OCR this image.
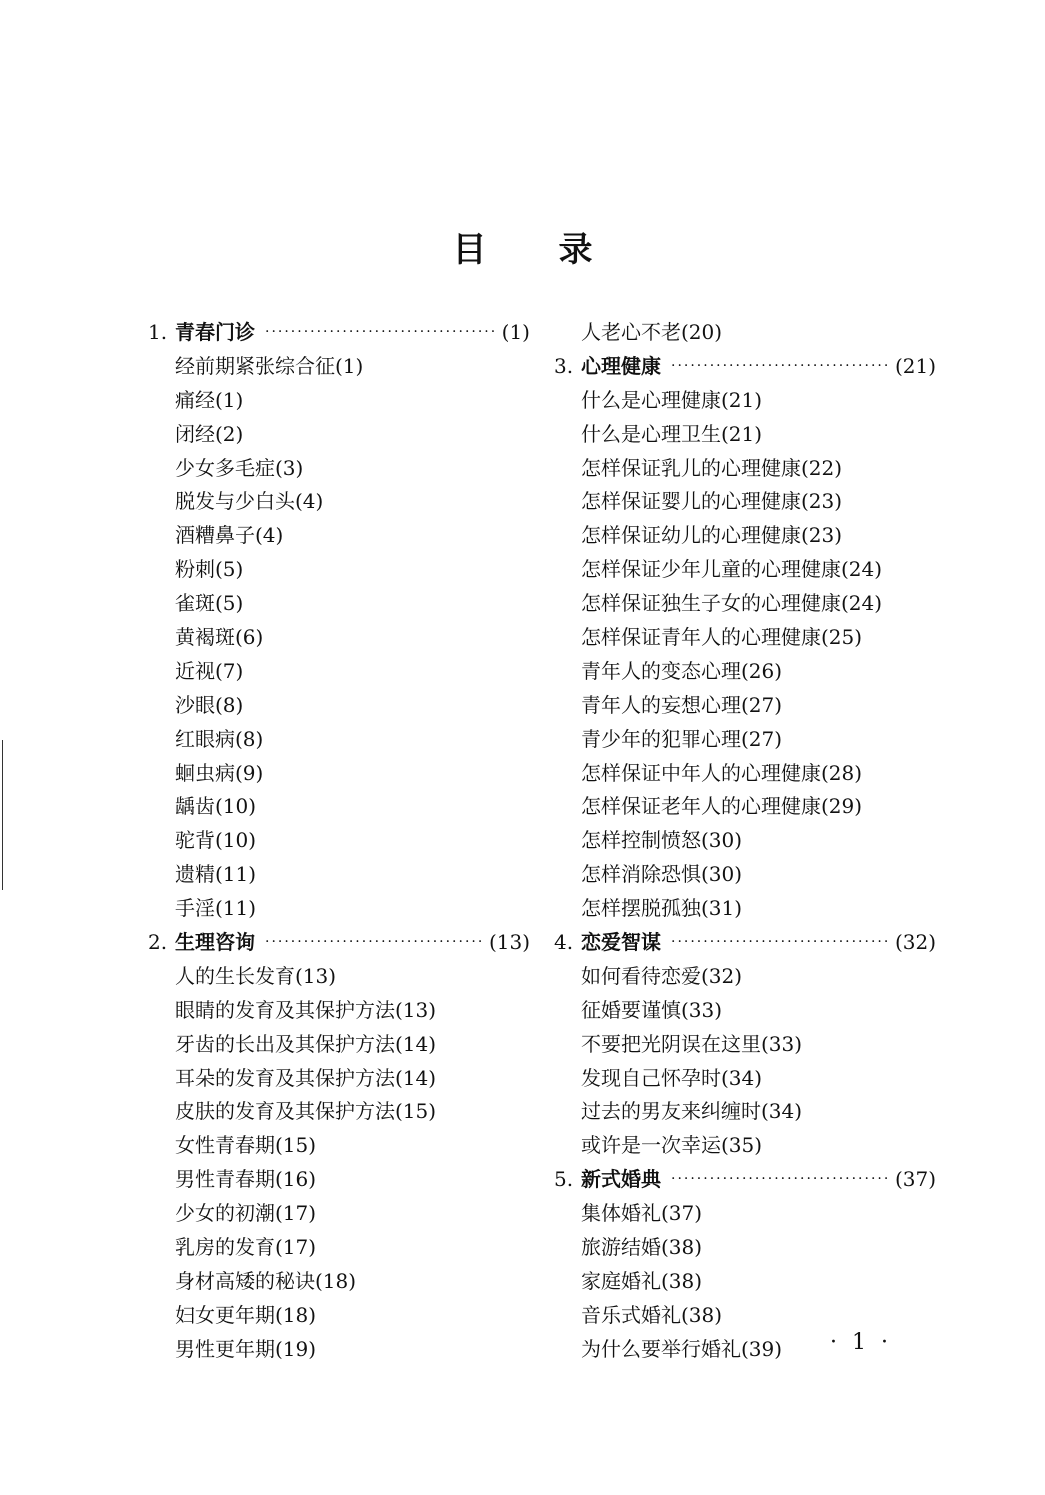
目 录
1. 青春门诊 ·····	(1)
经前期紧张综合征(1)
痛经(1)
闭经(2)
少女多毛症(3)
脱发与少白头(4)
酒糟鼻子(4)
粉刺(5)
雀斑(5)
黄褐斑(6)
近视(7)
沙眼(8)
红眼病(8)
蛔虫病(9)
龋齿(10)
驼背(10)
遗精(11)
手淫(11)
2. 生理咨询 ·····	(13)
人的生长发育(13)
眼睛的发育及其保护方法(13)
牙齿的长出及其保护方法(14)
耳朵的发育及其保护方法(14)
皮肤的发育及其保护方法(15)
女性青春期(15)
男性青春期(16)
少女的初潮(17)
乳房的发育(17)
身材高矮的秘诀(18)
妇女更年期(18)
男性更年期(19)
人老心不老(20)
3. 心理健康 ·····	(21)
什么是心理健康(21)
什么是心理卫生(21)
怎样保证乳儿的心理健康(22)
怎样保证婴儿的心理健康(23)
怎样保证幼儿的心理健康(23)
怎样保证少年儿童的心理健康(24)
怎样保证独生子女的心理健康(24)
怎样保证青年人的心理健康(25)
青年人的变态心理(26)
青年人的妄想心理(27)
青少年的犯罪心理(27)
怎样保证中年人的心理健康(28)
怎样保证老年人的心理健康(29)
怎样控制愤怒(30)
怎样消除恐惧(30)
怎样摆脱孤独(31)
4. 恋爱智谋 ·····	(32)
如何看待恋爱(32)
征婚要谨慎(33)
不要把光阴误在这里(33)
发现自己怀孕时(34)
过去的男友来纠缠时(34)
或许是一次幸运(35)
5. 新式婚典 ·····	(37)
集体婚礼(37)
旅游结婚(38)
家庭婚礼(38)
音乐式婚礼(38)
为什么要举行婚礼(39)	· 1 ·
